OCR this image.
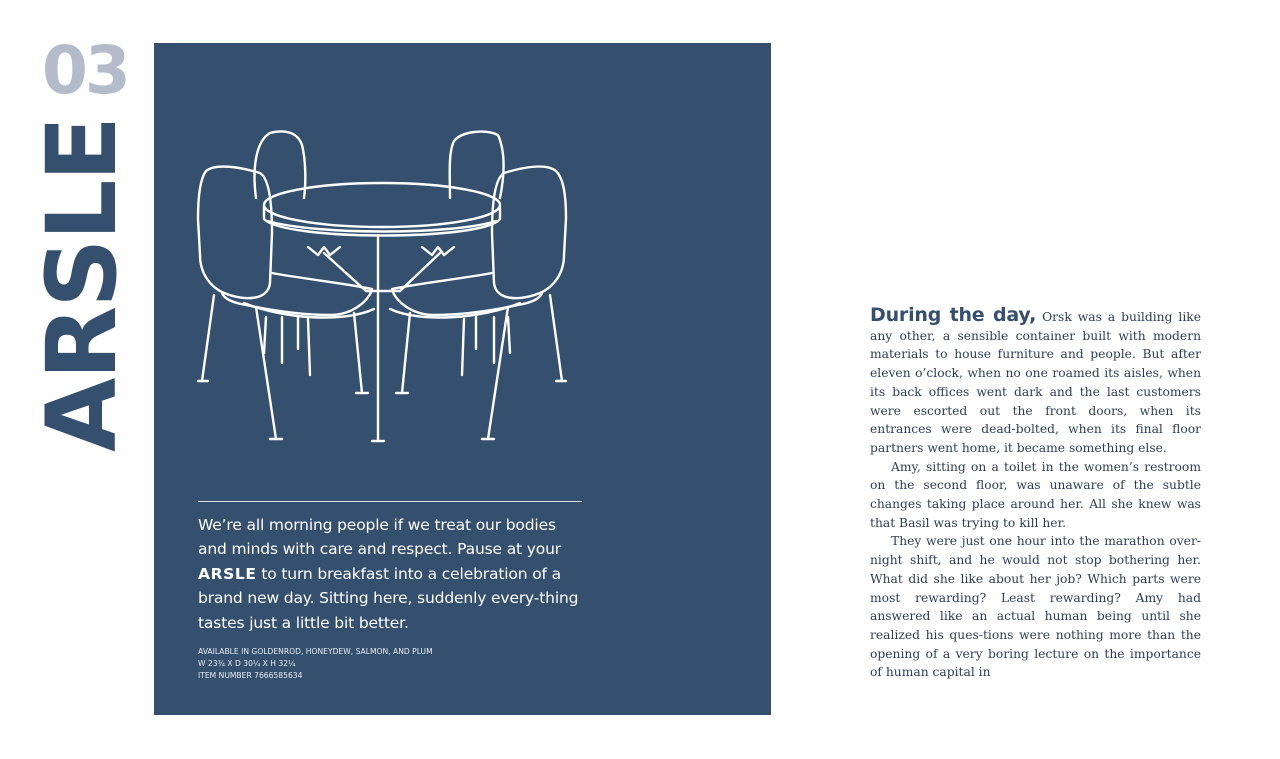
03
ARSLE

We’re all morning people if we treat our bodies and minds with care and respect. Pause at your ARSLE to turn breakfast into a celebration of a brand new day. Sitting here, suddenly every-thing tastes just a little bit better.

AVAILABLE IN GOLDENROD, HONEYDEW, SALMON, AND PLUM
W 23¾ X D 30¼ X H 32¼
ITEM NUMBER 7666585634

During the day, Orsk was a building like any other, a sensible container built with modern materials to house furniture and people. But after eleven o’clock, when no one roamed its aisles, when its back offices went dark and the last customers were escorted out the front doors, when its entrances were dead-bolted, when its final floor partners went home, it became something else.

Amy, sitting on a toilet in the women’s restroom on the second floor, was unaware of the subtle changes taking place around her. All she knew was that Basil was trying to kill her.

They were just one hour into the marathon over-night shift, and he would not stop bothering her. What did she like about her job? Which parts were most rewarding? Least rewarding? Amy had answered like an actual human being until she realized his ques-tions were nothing more than the opening of a very boring lecture on the importance of human capital in
